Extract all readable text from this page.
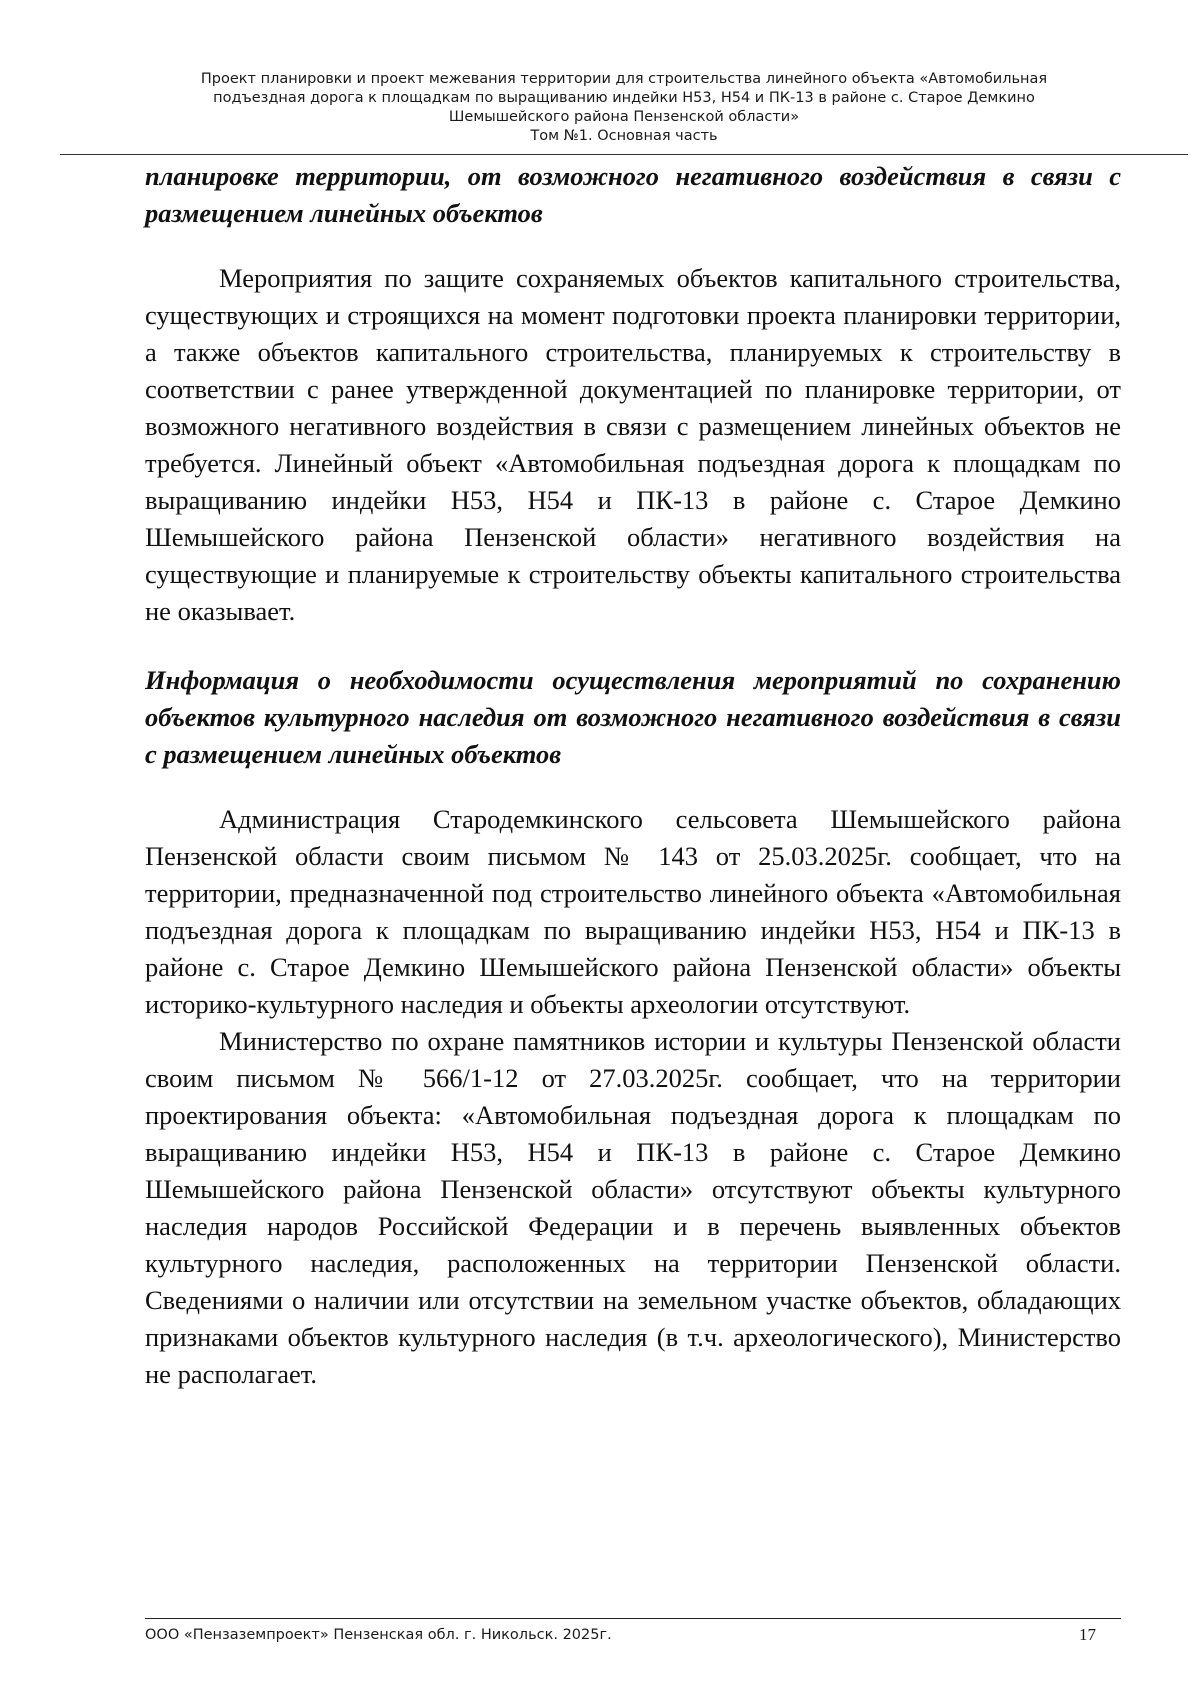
Проект планировки и проект межевания территории для строительства линейного объекта «Автомобильная
подъездная дорога к площадкам по выращиванию индейки Н53, Н54 и ПК-13 в районе с. Старое Демкино
Шемышейского района Пензенской области»
Том №1. Основная часть

планировке территории, от возможного негативного воздействия в связи с размещением линейных объектов

Мероприятия по защите сохраняемых объектов капитального строительства, существующих и строящихся на момент подготовки проекта планировки территории, а также объектов капитального строительства, планируемых к строительству в соответствии с ранее утвержденной документацией по планировке территории, от возможного негативного воздействия в связи с размещением линейных объектов не требуется. Линейный объект «Автомобильная подъездная дорога к площадкам по выращиванию индейки Н53, Н54 и ПК-13 в районе с. Старое Демкино Шемышейского района Пензенской области» негативного воздействия на существующие и планируемые к строительству объекты капитального строительства не оказывает.

Информация о необходимости осуществления мероприятий по сохранению объектов культурного наследия от возможного негативного воздействия в связи с размещением линейных объектов

Администрация Стародемкинского сельсовета Шемышейского района Пензенской области своим письмом № 143 от 25.03.2025г. сообщает, что на территории, предназначенной под строительство линейного объекта «Автомобильная подъездная дорога к площадкам по выращиванию индейки Н53, Н54 и ПК-13 в районе с. Старое Демкино Шемышейского района Пензенской области» объекты историко-культурного наследия и объекты археологии отсутствуют.

Министерство по охране памятников истории и культуры Пензенской области своим письмом № 566/1-12 от 27.03.2025г. сообщает, что на территории проектирования объекта: «Автомобильная подъездная дорога к площадкам по выращиванию индейки Н53, Н54 и ПК-13 в районе с. Старое Демкино Шемышейского района Пензенской области» отсутствуют объекты культурного наследия народов Российской Федерации и в перечень выявленных объектов культурного наследия, расположенных на территории Пензенской области. Сведениями о наличии или отсутствии на земельном участке объектов, обладающих признаками объектов культурного наследия (в т.ч. археологического), Министерство не располагает.

ООО «Пензаземпроект» Пензенская обл. г. Никольск. 2025г.	17
